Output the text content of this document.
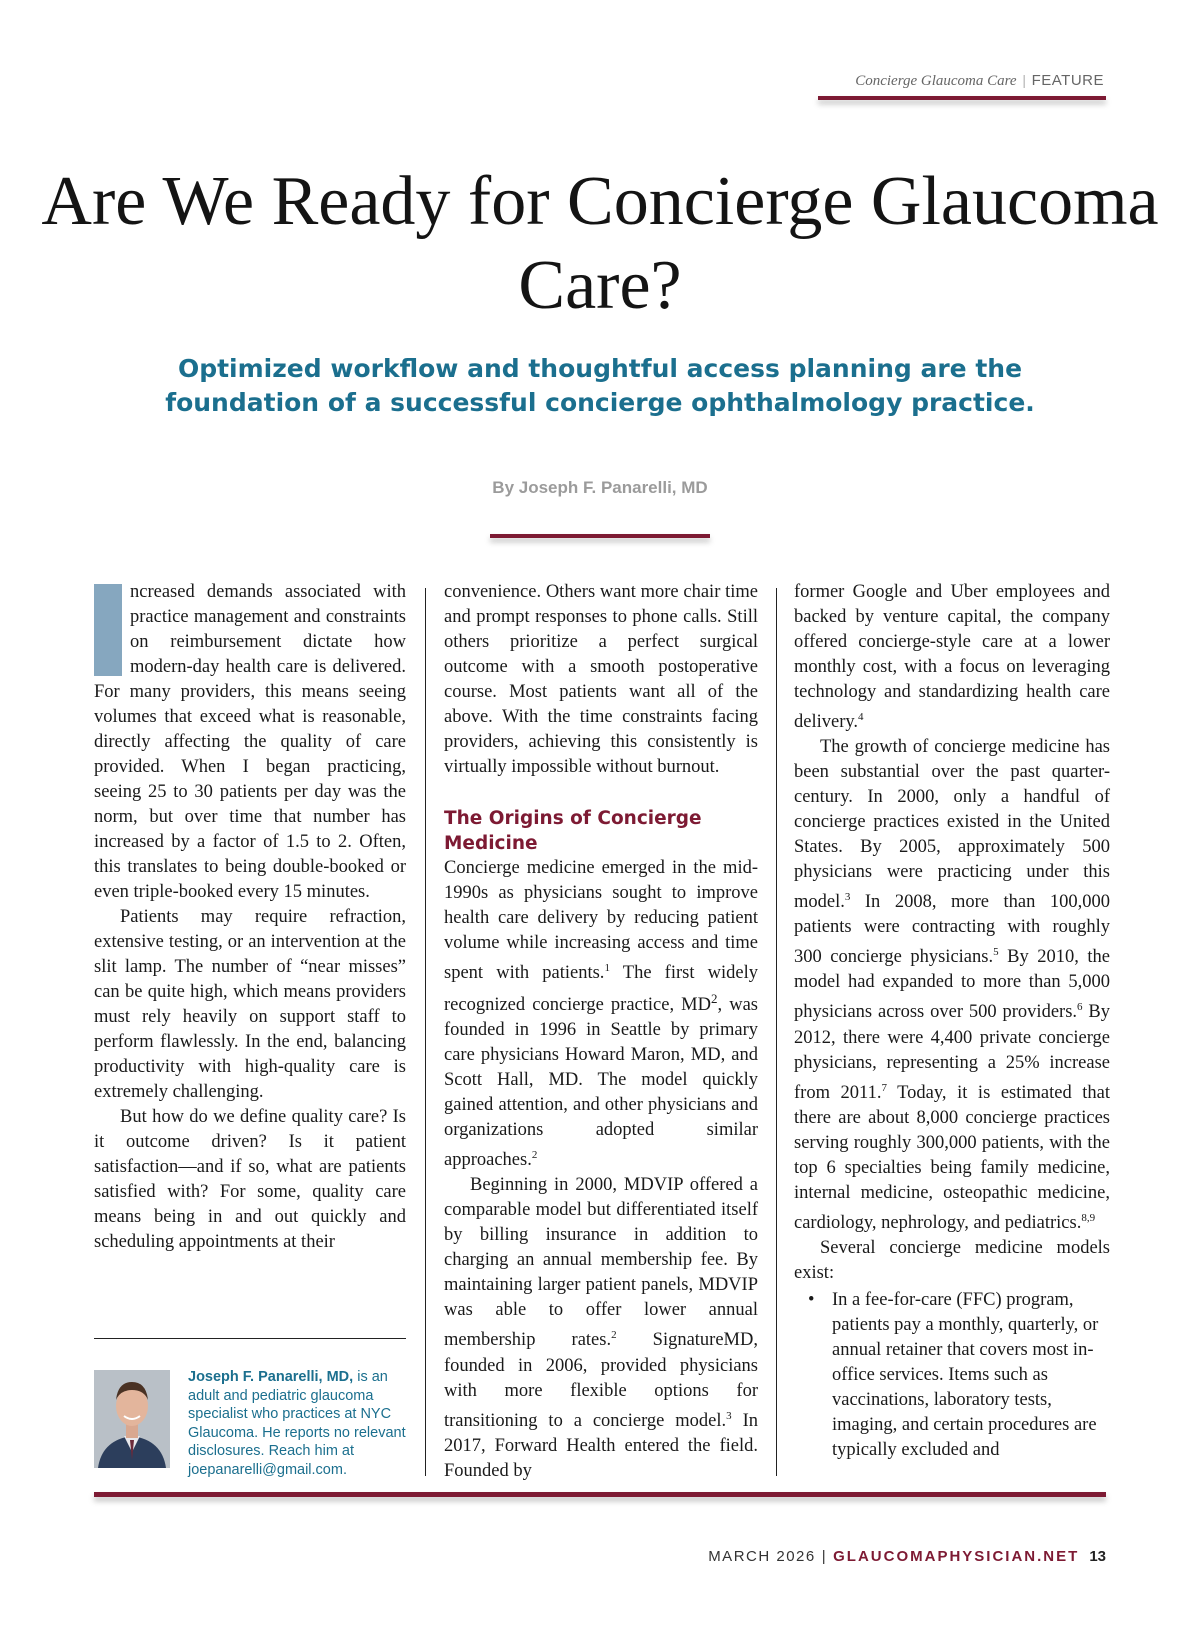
Concierge Glaucoma Care | FEATURE
Are We Ready for Concierge Glaucoma Care?

Optimized workflow and thoughtful access planning are the foundation of a successful concierge ophthalmology practice.

By Joseph F. Panarelli, MD

ncreased demands associated with practice management and constraints on reimbursement dictate how modern-day health care is delivered. For many providers, this means seeing volumes that exceed what is reasonable, directly affecting the quality of care provided. When I began practicing, seeing 25 to 30 patients per day was the norm, but over time that number has increased by a factor of 1.5 to 2. Often, this translates to being double-booked or even triple-booked every 15 minutes.

Patients may require refraction, extensive testing, or an intervention at the slit lamp. The number of “near misses” can be quite high, which means providers must rely heavily on support staff to perform flawlessly. In the end, balancing productivity with high-quality care is extremely challenging.

But how do we define quality care? Is it outcome driven? Is it patient satisfaction—and if so, what are patients satisfied with? For some, quality care means being in and out quickly and scheduling appointments at their

convenience. Others want more chair time and prompt responses to phone calls. Still others prioritize a perfect surgical outcome with a smooth postoperative course. Most patients want all of the above. With the time constraints facing providers, achieving this consistently is virtually impossible without burnout.

The Origins of Concierge Medicine

Concierge medicine emerged in the mid-1990s as physicians sought to improve health care delivery by reducing patient volume while increasing access and time spent with patients.$^1$ The first widely recognized concierge practice, $MD^2$, was founded in 1996 in Seattle by primary care physicians Howard Maron, MD, and Scott Hall, MD. The model quickly gained attention, and other physicians and organizations adopted similar approaches.$^2$

Beginning in 2000, MDVIP offered a comparable model but differentiated itself by billing insurance in addition to charging an annual membership fee. By maintaining larger patient panels, MDVIP was able to offer lower annual membership rates.$^2$ SignatureMD, founded in 2006, provided physicians with more flexible options for transitioning to a concierge model.$^3$ In 2017, Forward Health entered the field. Founded by

former Google and Uber employees and backed by venture capital, the company offered concierge-style care at a lower monthly cost, with a focus on leveraging technology and standardizing health care delivery.$^4$

The growth of concierge medicine has been substantial over the past quarter-century. In 2000, only a handful of concierge practices existed in the United States. By 2005, approximately 500 physicians were practicing under this model.$^3$ In 2008, more than 100,000 patients were contracting with roughly 300 concierge physicians.$^5$ By 2010, the model had expanded to more than 5,000 physicians across over 500 providers.$^6$ By 2012, there were 4,400 private concierge physicians, representing a 25% increase from 2011.$^7$ Today, it is estimated that there are about 8,000 concierge practices serving roughly 300,000 patients, with the top 6 specialties being family medicine, internal medicine, osteopathic medicine, cardiology, nephrology, and pediatrics.$^{8,9}$

Several concierge medicine models exist:

• In a fee-for-care (FFC) program, patients pay a monthly, quarterly, or annual retainer that covers most in-office services. Items such as vaccinations, laboratory tests, imaging, and certain procedures are typically excluded and
Joseph F. Panarelli, MD, is an adult and pediatric glaucoma specialist who practices at NYC Glaucoma. He reports no relevant disclosures. Reach him at joepanarelli@gmail.com.
MARCH 2026 | GLAUCOMAPHYSICIAN.NET 13
